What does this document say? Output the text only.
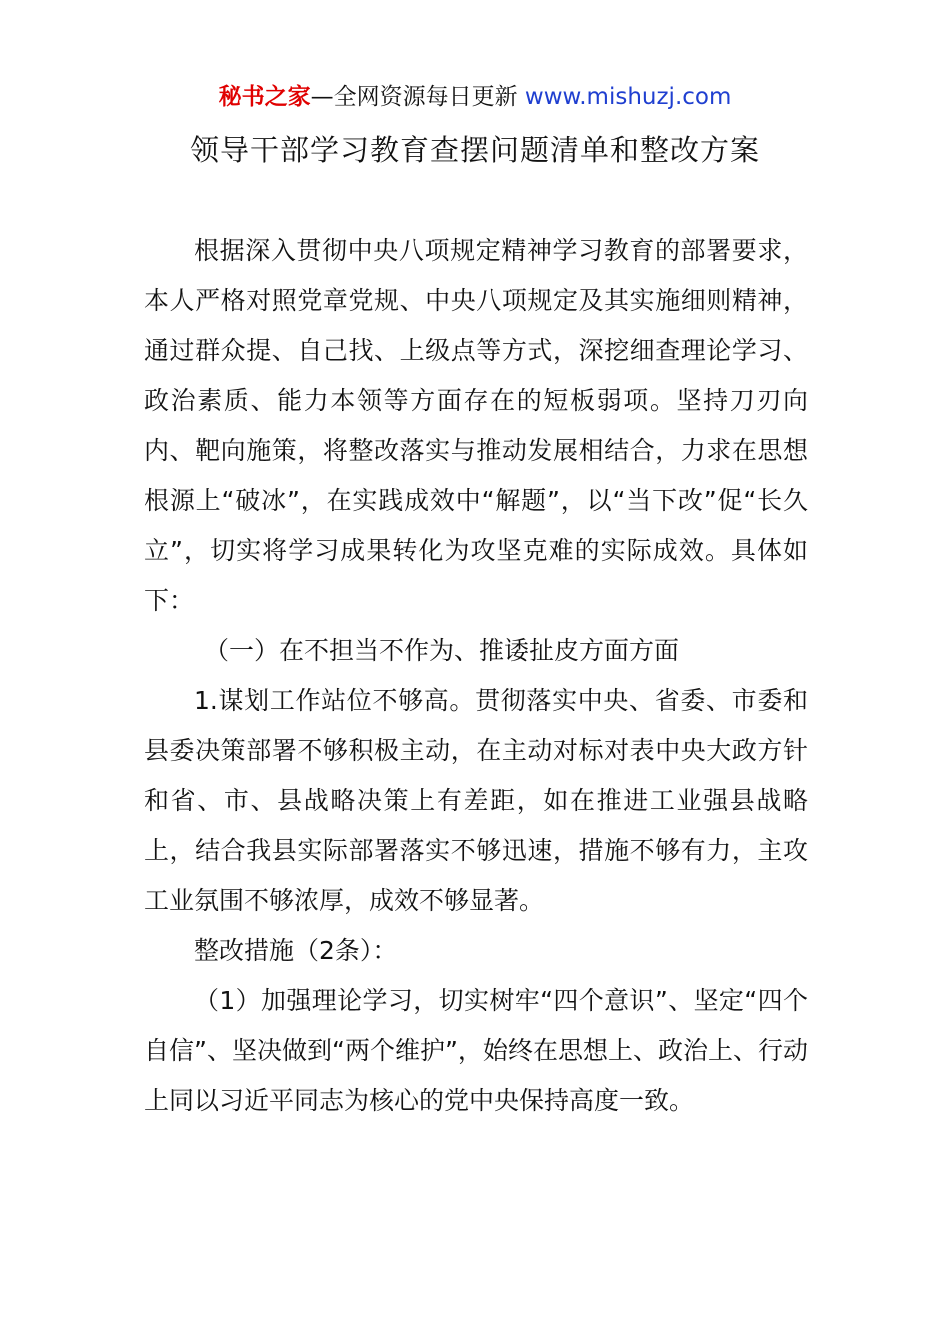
秘书之家—全网资源每日更新 www.mishuzj.com
领导干部学习教育查摆问题清单和整改方案

根据深入贯彻中央八项规定精神学习教育的部署要求，本人严格对照党章党规、中央八项规定及其实施细则精神，通过群众提、自己找、上级点等方式，深挖细查理论学习、政治素质、能力本领等方面存在的短板弱项。坚持刀刃向内、靶向施策，将整改落实与推动发展相结合，力求在思想根源上“破冰”，在实践成效中“解题”，以“当下改”促“长久立”，切实将学习成果转化为攻坚克难的实际成效。具体如下：

（一）在不担当不作为、推诿扯皮方面方面

1.谋划工作站位不够高。贯彻落实中央、省委、市委和县委决策部署不够积极主动，在主动对标对表中央大政方针和省、市、县战略决策上有差距，如在推进工业强县战略上，结合我县实际部署落实不够迅速，措施不够有力，主攻工业氛围不够浓厚，成效不够显著。

整改措施（2条）：

（1）加强理论学习，切实树牢“四个意识”、坚定“四个自信”、坚决做到“两个维护”，始终在思想上、政治上、行动上同以习近平同志为核心的党中央保持高度一致。
